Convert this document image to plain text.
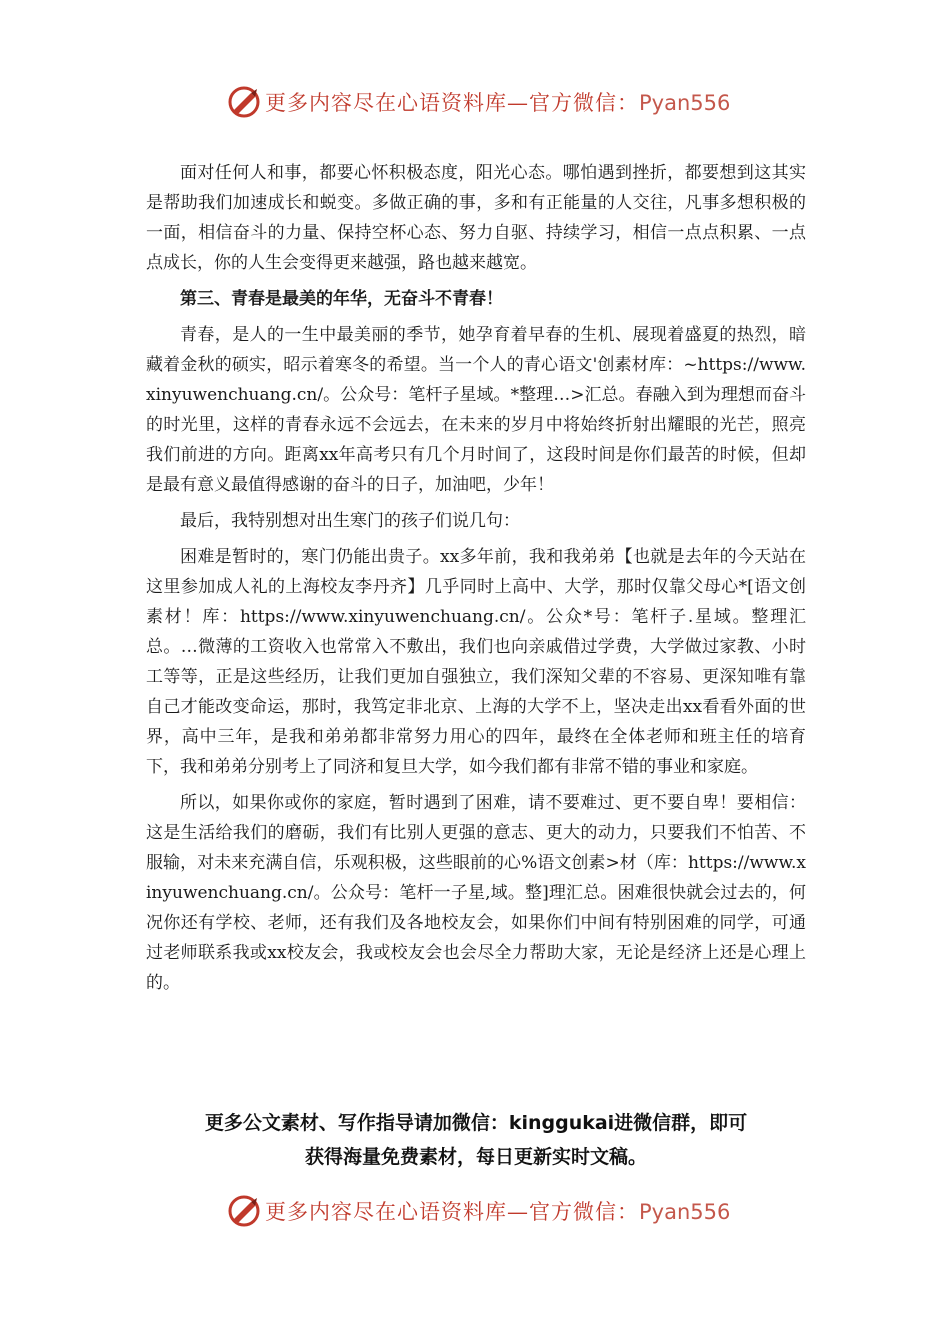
更多内容尽在心语资料库—官方微信：Pyan556

面对任何人和事，都要心怀积极态度，阳光心态。哪怕遇到挫折，都要想到这其实是帮助我们加速成长和蜕变。多做正确的事，多和有正能量的人交往，凡事多想积极的一面，相信奋斗的力量、保持空杯心态、努力自驱、持续学习，相信一点点积累、一点点成长，你的人生会变得更来越强，路也越来越宽。

第三、青春是最美的年华，无奋斗不青春！

青春，是人的一生中最美丽的季节，她孕育着早春的生机、展现着盛夏的热烈，暗藏着金秋的硕实，昭示着寒冬的希望。当一个人的青心语文'创素材库：~https://www.xinyuwenchuang.cn/。公众号：笔杆子星域。*整理…>汇总。春融入到为理想而奋斗的时光里，这样的青春永远不会远去，在未来的岁月中将始终折射出耀眼的光芒，照亮我们前进的方向。距离xx年高考只有几个月时间了，这段时间是你们最苦的时候，但却是最有意义最值得感谢的奋斗的日子，加油吧，少年！

最后，我特别想对出生寒门的孩子们说几句：

困难是暂时的，寒门仍能出贵子。xx多年前，我和我弟弟【也就是去年的今天站在这里参加成人礼的上海校友李丹齐】几乎同时上高中、大学，那时仅靠父母心*[语文创素材！库：https://www.xinyuwenchuang.cn/。公众*号：笔杆子.星域。整理汇总。…微薄的工资收入也常常入不敷出，我们也向亲戚借过学费，大学做过家教、小时工等等，正是这些经历，让我们更加自强独立，我们深知父辈的不容易、更深知唯有靠自己才能改变命运，那时，我笃定非北京、上海的大学不上，坚决走出xx看看外面的世界，高中三年，是我和弟弟都非常努力用心的四年，最终在全体老师和班主任的培育下，我和弟弟分别考上了同济和复旦大学，如今我们都有非常不错的事业和家庭。

所以，如果你或你的家庭，暂时遇到了困难，请不要难过、更不要自卑！要相信：这是生活给我们的磨砺，我们有比别人更强的意志、更大的动力，只要我们不怕苦、不服输，对未来充满自信，乐观积极，这些眼前的心%语文创素>材（库：https://www.xinyuwenchuang.cn/。公众号：笔杆一子星,域。整]理汇总。困难很快就会过去的，何况你还有学校、老师，还有我们及各地校友会，如果你们中间有特别困难的同学，可通过老师联系我或xx校友会，我或校友会也会尽全力帮助大家，无论是经济上还是心理上的。

更多公文素材、写作指导请加微信：kinggukai进微信群，即可
获得海量免费素材，每日更新实时文稿。
更多内容尽在心语资料库—官方微信：Pyan556
